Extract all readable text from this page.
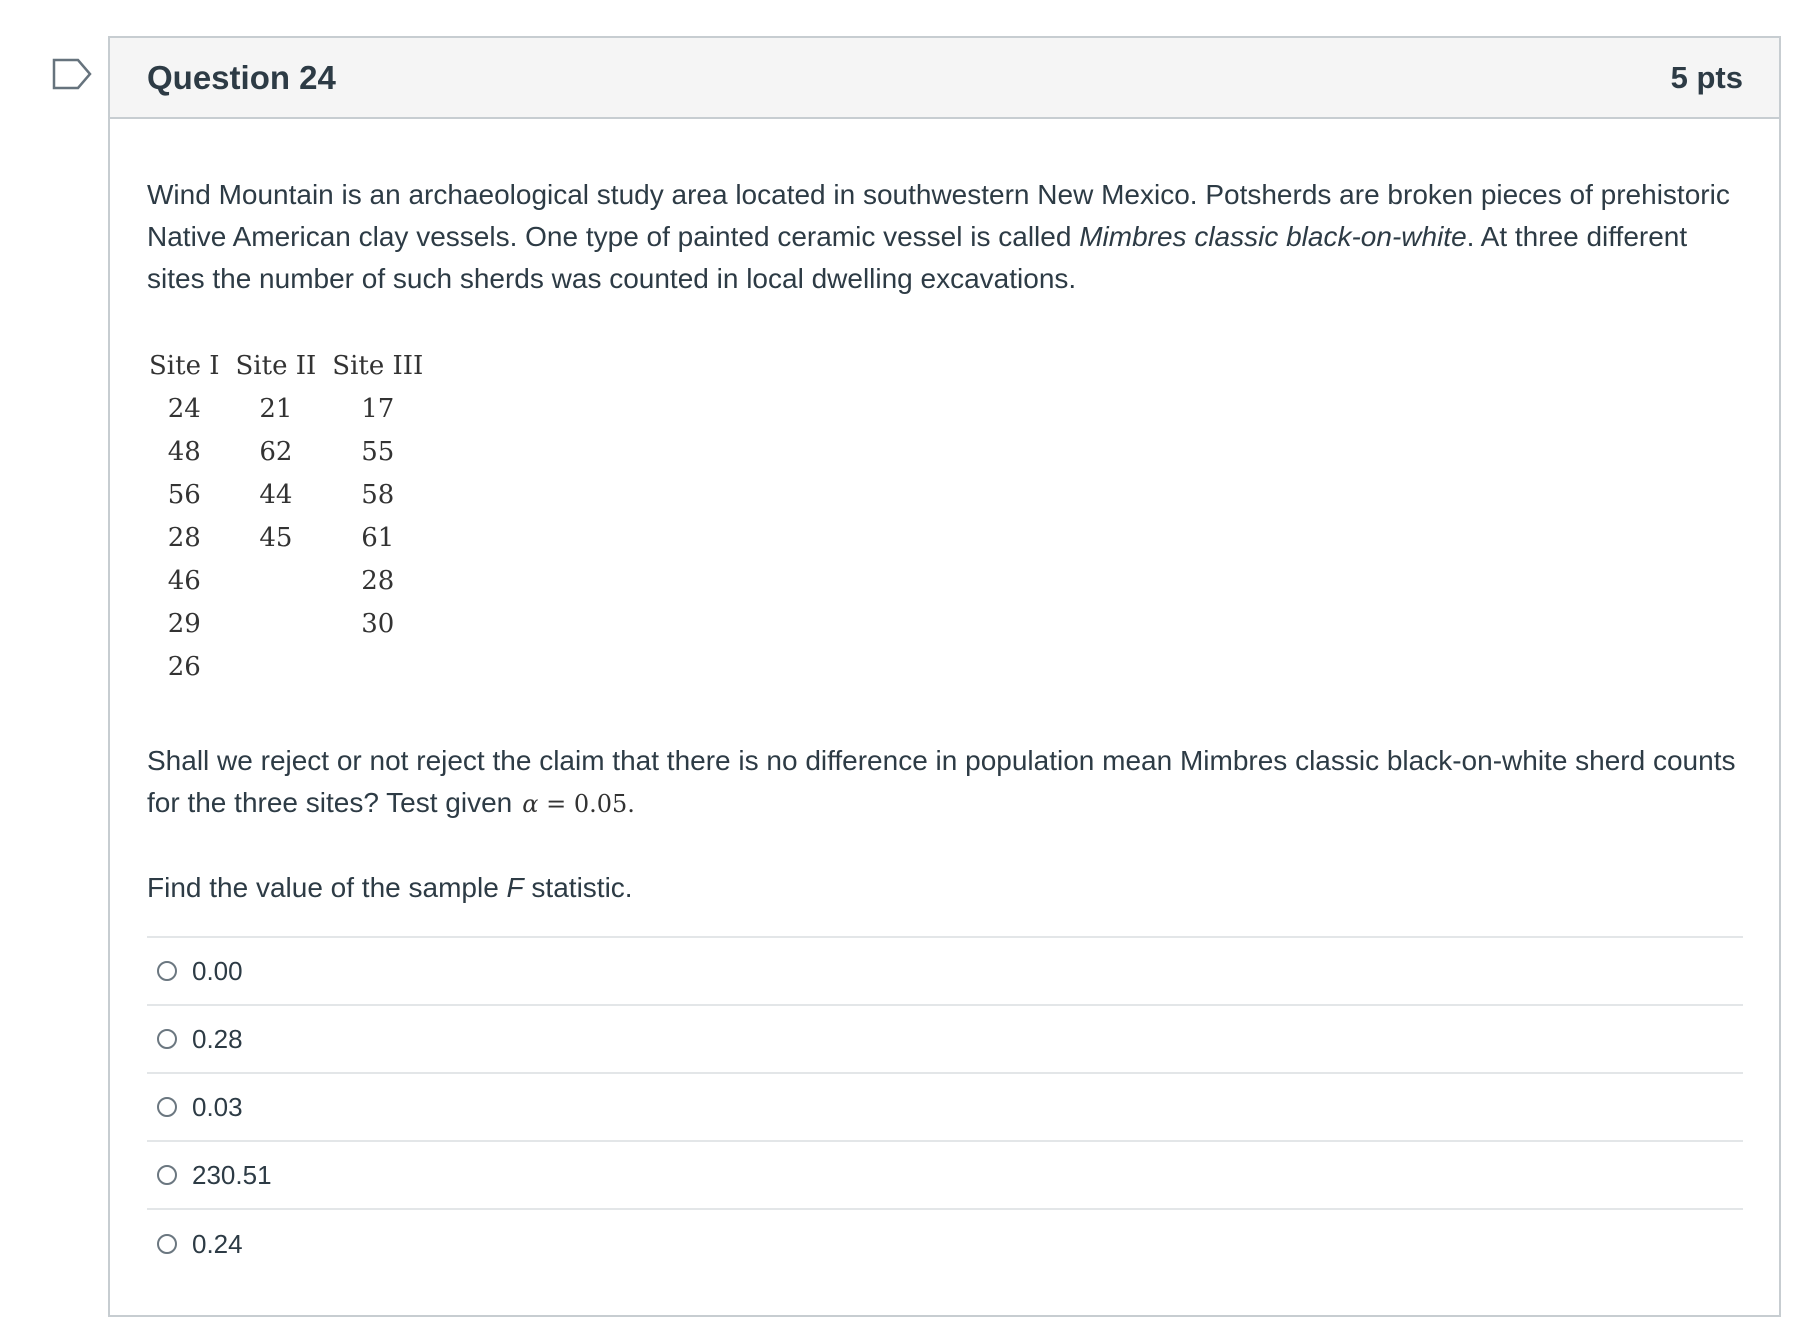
Question 24	5 pts

Wind Mountain is an archaeological study area located in southwestern New Mexico. Potsherds are broken pieces of prehistoric Native American clay vessels. One type of painted ceramic vessel is called Mimbres classic black-on-white. At three different sites the number of such sherds was counted in local dwelling excavations.

Site I	Site II	Site III
24	21	17
48	62	55
56	44	58
28	45	61
46		28
29		30
26		

Shall we reject or not reject the claim that there is no difference in population mean Mimbres classic black-on-white sherd counts for the three sites? Test given α = 0.05.

Find the value of the sample F statistic.

0.00
0.28
0.03
230.51
0.24
